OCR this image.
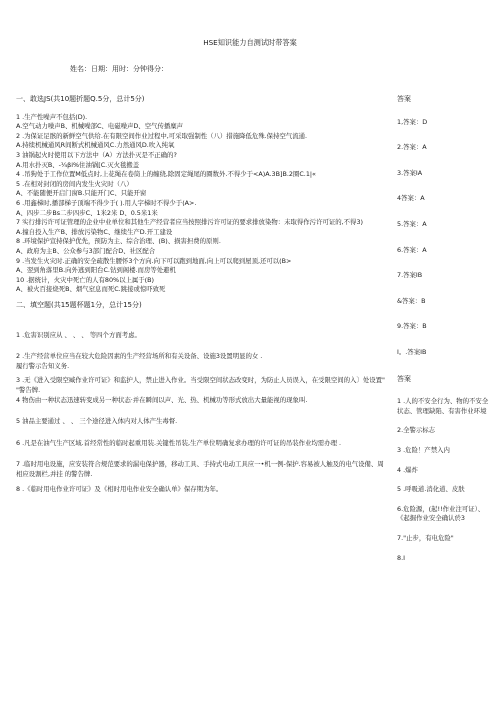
HSE知识能力自测试时带答案
姓名：日期：用时：分钟得分：
一、敢选JS(共10题折题Q.5分，总计5分)
1 .生产性噪声不包括(D).
A.空气动力噪声B、机械噪部C、电磁噪声D、空气传播糜声
2 .为保证足骸的新鲜空气供给.在有限空间作业过程中,可采取强制性（八）措施降低危殊.保持空气流通.
A.持续机械通风R间断式机械通风C.力然通风D.吹入纯氧
3 油锅起火时使用以下方法中（A）方法扑灭是不正确的?
A.用水扑灭B、-¼βi%住油锅[C.灭火毯搬盖
4 .吊狗处于工作位置M低点时,上花绳在卷筒上的缠绕,除固定绳尾的圈数外.不得少于<A)A.3B]B.2圈C.1|«
5 .在相对封闭的房间内发生火灾时（八）
A、不能随便开启门窗B.只能开门C、只能开窗
6 .用鑫梯时,播部梯子顶端不得少于( ).用人字梯时不得少于(A>.
A、四步二步Bs二步四步C、1米2米 D、0.5米1米
7 实行排污许可证管理的企业中业单位和其他生产经营者应当按照排污许可证的要求排放染物：未取得作污许可证的,不得3)
A.撞自投入生产B、排放污染物C、继续生产D.开工建设
8 .环境保护宣持保护优先，预防为主、综合治理、(B)、损害担费的原则.
A、政府为主B、公众参与3部门配合D、社区配合
9 .当发生火灾时.正确的安全疏散生腰怀3个方向.向下可以跑到地面,向上可以爬到屋顶,还可以(B>
A、翌到角落里B.向外逃到阳台C.钻到阁楼.而房等处避机
10 .据统计，火灾中死亡的人有80%以上属于(B)
A、被火百接烧死B、烟气窒息而死C.跳接或惊吓致死
二、填空题(共15题杯题1分，总计15分)
1 .危害识别应从 、 、 、 等四个方面考虑。
2 .生产经营单位应当在较大危险因素的生产经营场所和有关设备、设施3设置明显的女 .
履行警示告知义务.
3 .无《进入受限空臧作业许可证》和监护人，禁止进入作业。当受限空间状态改变时，为防止人员误入，在受限空间的入〕处设置" "警告牌.
4 物伤由一种状态迅速转变成另一种状态·并在瞬间以声、光、热、机械功等形式放出大量能视的现象叫.
5 油品主要通过 、 、 三个途径进入体内对人体产生毒督.
6 .凡是在油气生产区域.首经常性的临时起重用装.关键性吊装,生产单位明确复求办理的许可证的吊装作业均需办理 .
7 .临时用电设施，应安装符合规范要求的漏电保护器，移动工具、手持式电动工具应一•机一例-保护.容易被人触及的电气设備、周相应设割栏,并挂 的警告牌.
8 .《临时用电作业许可证》及《相时用电作业安全确认单》保存期为年。
答案
1,答案：D
2.答案：A
3.答案IA
4答案：A
5.答案：A
6.答案：A
7.答案IB
&答案：B
9.答案：B
I。.答案IB
答案
1 .人的不安全行为、物的不安全状态、管理缺陷、有害作业环境
2.全警示标志
3 .危险！产禁入内
4 .爆炸
5 .呼吸道.消化道、皮肤
6.危险源，(起!!作业注可证）、《起掘作业安全确认於3
7."止步，有电危险"
8.I
